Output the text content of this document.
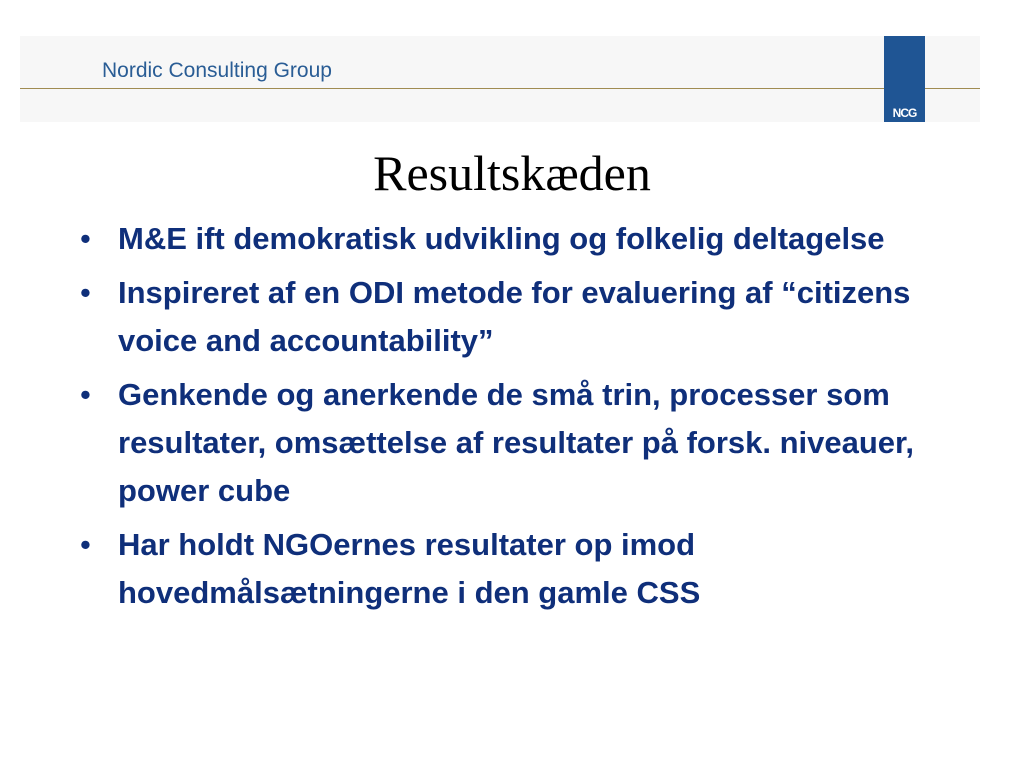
Nordic Consulting Group
NCG
Resultskæden
• M&E ift demokratisk udvikling og folkelig deltagelse
• Inspireret af en ODI metode for evaluering af “citizens voice and accountability”
• Genkende og anerkende de små trin, processer som resultater, omsættelse af resultater på forsk. niveauer, power cube
• Har holdt NGOernes resultater op imod hovedmålsætningerne i den gamle CSS
